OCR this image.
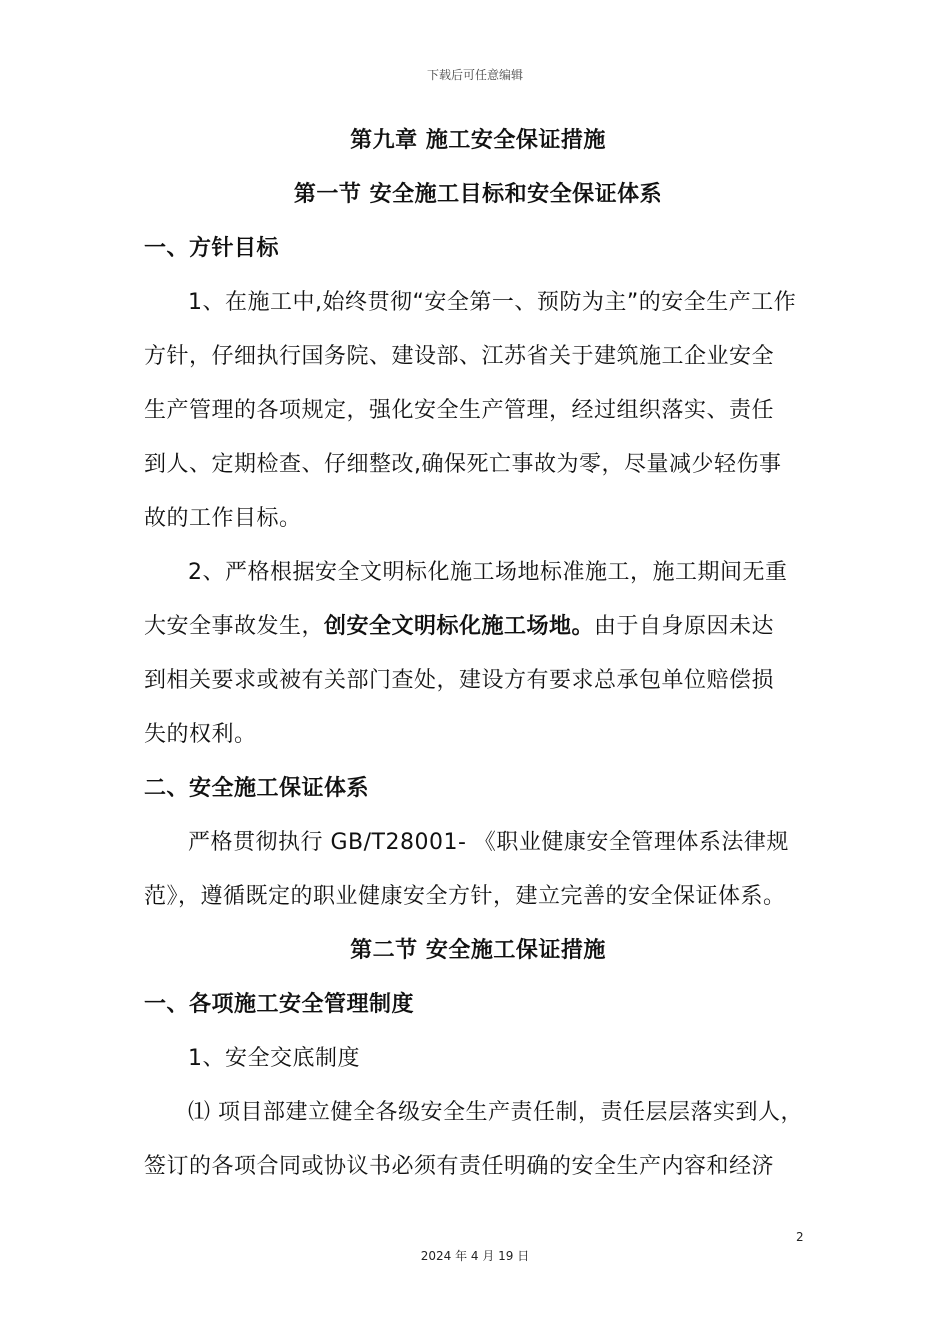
下载后可任意编辑
第九章 施工安全保证措施
第一节 安全施工目标和安全保证体系
一、方针目标
1、在施工中,始终贯彻“安全第一、预防为主”的安全生产工作
方针，仔细执行国务院、建设部、江苏省关于建筑施工企业安全
生产管理的各项规定，强化安全生产管理，经过组织落实、责任
到人、定期检查、仔细整改,确保死亡事故为零，尽量减少轻伤事
故的工作目标。
2、严格根据安全文明标化施工场地标准施工，施工期间无重
大安全事故发生，创安全文明标化施工场地。由于自身原因未达
到相关要求或被有关部门查处，建设方有要求总承包单位赔偿损
失的权利。
二、安全施工保证体系
严格贯彻执行 GB/T28001- 《职业健康安全管理体系法律规
范》，遵循既定的职业健康安全方针，建立完善的安全保证体系。
第二节 安全施工保证措施
一、各项施工安全管理制度
1、安全交底制度
⑴ 项目部建立健全各级安全生产责任制，责任层层落实到人，
签订的各项合同或协议书必须有责任明确的安全生产内容和经济
2
2024 年 4 月 19 日
